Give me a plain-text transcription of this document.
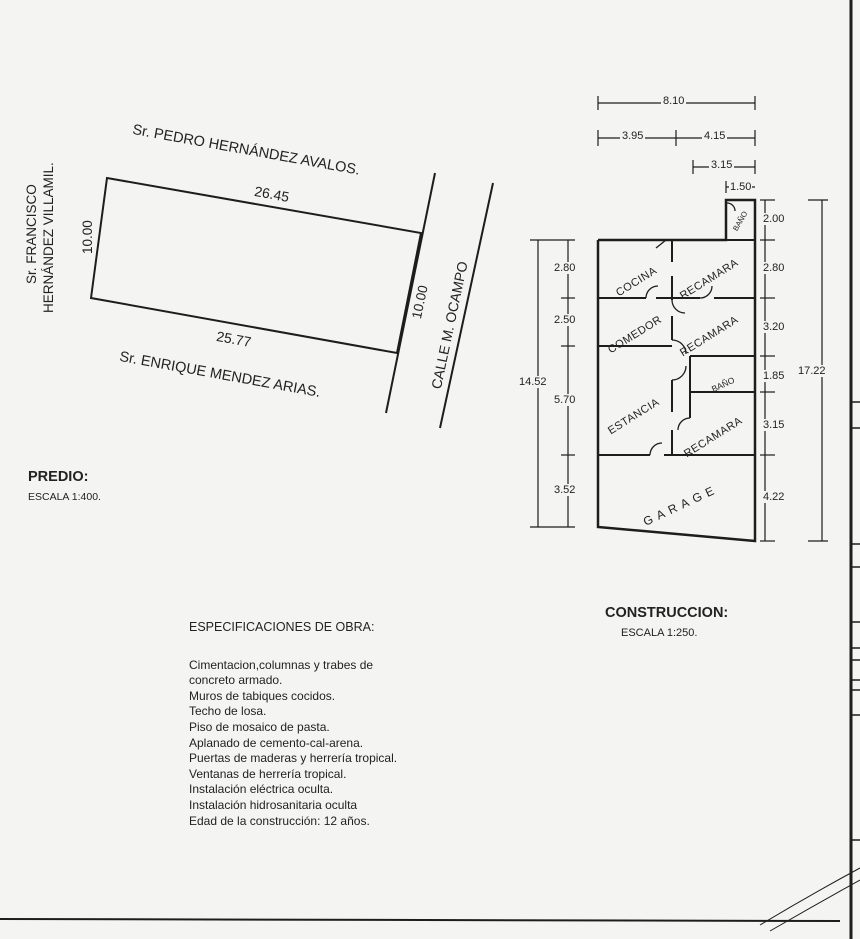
Sr. PEDRO HERNÁNDEZ AVALOS.
Sr. ENRIQUE MENDEZ ARIAS.
Sr. FRANCISCO HERNÁNDEZ VILLAMIL.	26.45
25.77
10.00
10.00
CALLE M. OCAMPO
PREDIO:
ESCALA 1:400.
COCINA
COMEDOR
ESTANCIA
RECAMARA
RECAMARA
RECAMARA
BAÑO
BAÑO
GARAGE
8.10
3.95	4.15
3.15
1.50
2.80
2.50
14.52
5.70
3.52
2.00
2.80
3.20
1.85 17.22
3.15
4.22
CONSTRUCCION:
ESCALA 1:250.
ESPECIFICACIONES DE OBRA:
Cimentacion,columnas y trabes de
concreto armado.
Muros de tabiques cocidos.
Techo de losa.
Piso de mosaico de pasta.
Aplanado de cemento-cal-arena.
Puertas de maderas y herrería tropical.
Ventanas de herrería tropical.
Instalación eléctrica oculta.
Instalación hidrosanitaria oculta
Edad de la construcción: 12 años.
